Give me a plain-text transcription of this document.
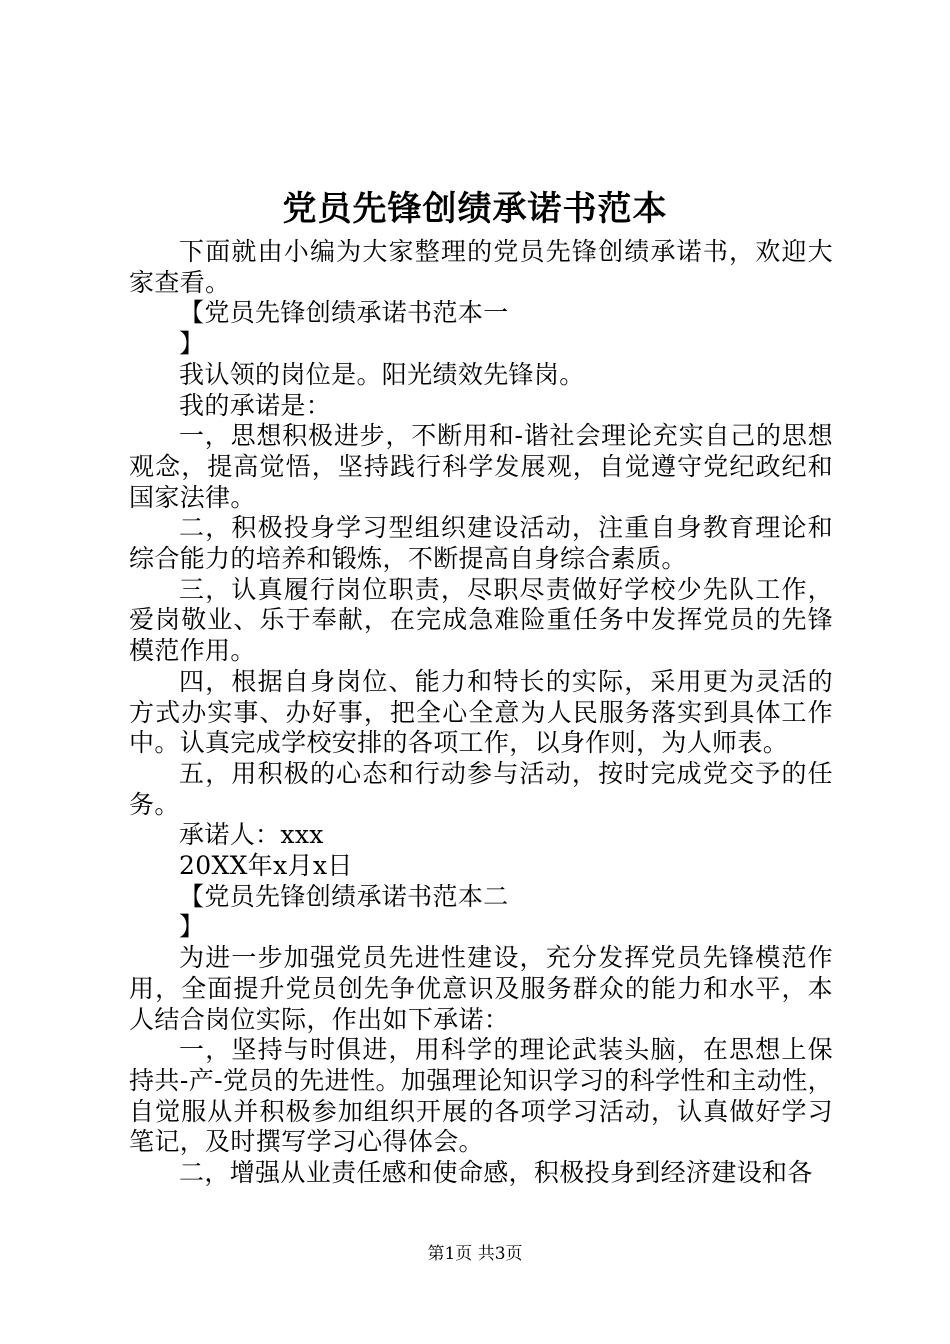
党员先锋创绩承诺书范本

下面就由小编为大家整理的党员先锋创绩承诺书，欢迎大家查看。

【党员先锋创绩承诺书范本一

】

我认领的岗位是。阳光绩效先锋岗。

我的承诺是：

一，思想积极进步，不断用和-谐社会理论充实自己的思想观念，提高觉悟，坚持践行科学发展观，自觉遵守党纪政纪和国家法律。

二，积极投身学习型组织建设活动，注重自身教育理论和综合能力的培养和锻炼，不断提高自身综合素质。

三，认真履行岗位职责，尽职尽责做好学校少先队工作，爱岗敬业、乐于奉献，在完成急难险重任务中发挥党员的先锋模范作用。

四，根据自身岗位、能力和特长的实际，采用更为灵活的方式办实事、办好事，把全心全意为人民服务落实到具体工作中。认真完成学校安排的各项工作，以身作则，为人师表。

五，用积极的心态和行动参与活动，按时完成党交予的任务。

承诺人：xxx

20XX年x月x日

【党员先锋创绩承诺书范本二

】

为进一步加强党员先进性建设，充分发挥党员先锋模范作用，全面提升党员创先争优意识及服务群众的能力和水平，本人结合岗位实际，作出如下承诺：

一，坚持与时俱进，用科学的理论武装头脑，在思想上保持共-产-党员的先进性。加强理论知识学习的科学性和主动性，自觉服从并积极参加组织开展的各项学习活动，认真做好学习笔记，及时撰写学习心得体会。

二，增强从业责任感和使命感，积极投身到经济建设和各

第1页 共3页
